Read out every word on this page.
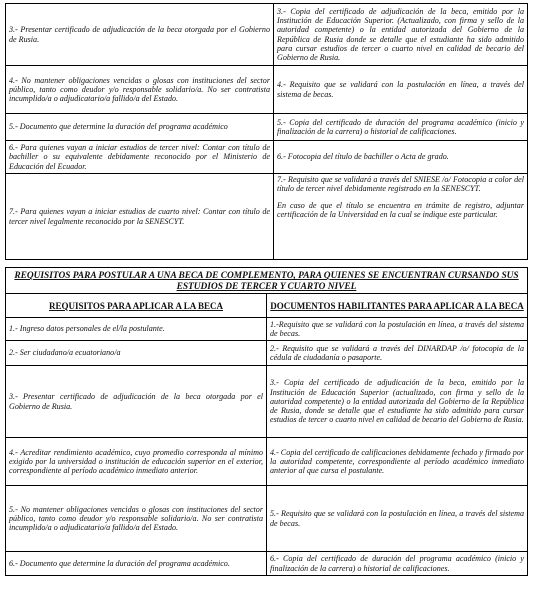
3.- Presentar certificado de adjudicación de la beca otorgada por el Gobierno de Rusia.	3.- Copia del certificado de adjudicación de la beca, emitido por la Institución de Educación Superior. (Actualizado, con firma y sello de la autoridad competente) o la entidad autorizada del Gobierno de la República de Rusia donde se detalle que el estudiante ha sido admitido para cursar estudios de tercer o cuarto nivel en calidad de becario del Gobierno de Rusia.
4.- No mantener obligaciones vencidas o glosas con instituciones del sector público, tanto como deudor y/o responsable solidario/a. No ser contratista incumplido/a o adjudicatario/a fallido/a del Estado.	4.- Requisito que se validará con la postulación en línea, a través del sistema de becas.
5.- Documento que determine la duración del programa académico	5.- Copia del certificado de duración del programa académico (inicio y finalización de la carrera) o historial de calificaciones.
6.- Para quienes vayan a iniciar estudios de tercer nivel: Contar con título de bachiller o su equivalente debidamente reconocido por el Ministerio de Educación del Ecuador.	6.- Fotocopia del título de bachiller o Acta de grado.
7.- Para quienes vayan a iniciar estudios de cuarto nivel: Contar con título de tercer nivel legalmente reconocido por la SENESCYT.	7.- Requisito que se validará a través del SNIESE /o/ Fotocopia a color del título de tercer nivel debidamente registrado en la SENESCYT.

En caso de que el título se encuentra en trámite de registro, adjuntar certificación de la Universidad en la cual se indique este particular.

REQUISITOS PARA POSTULAR A UNA BECA DE COMPLEMENTO, PARA QUIENES SE ENCUENTRAN CURSANDO SUS ESTUDIOS DE TERCER Y CUARTO NIVEL	
REQUISITOS PARA APLICAR A LA BECA	DOCUMENTOS HABILITANTES PARA APLICAR A LA BECA
1.- Ingreso datos personales de el/la postulante.	1.-Requisito que se validará con la postulación en línea, a través del sistema de becas.
2.- Ser ciudadano/a ecuatoriano/a	2.- Requisito que se validará a través del DINARDAP /o/ fotocopia de la cédula de ciudadanía o pasaporte.
3.- Presentar certificado de adjudicación de la beca otorgada por el Gobierno de Rusia.	3.- Copia del certificado de adjudicación de la beca, emitido por la Institución de Educación Superior (actualizado, con firma y sello de la autoridad competente) o la entidad autorizada del Gobierno de la República de Rusia, donde se detalle que el estudiante ha sido admitido para cursar estudios de tercer o cuarto nivel en calidad de becario del Gobierno de Rusia.
4.- Acreditar rendimiento académico, cuyo promedio corresponda al mínimo exigido por la universidad o institución de educación superior en el exterior, correspondiente al período académico inmediato anterior.	4.- Copia del certificado de calificaciones debidamente fechado y firmado por la autoridad competente, correspondiente al período académico inmediato anterior al que cursa el postulante.
5.- No mantener obligaciones vencidas o glosas con instituciones del sector público, tanto como deudor y/o responsable solidario/a. No ser contratista incumplido/a o adjudicatario/a fallido/a del Estado.	5.- Requisito que se validará con la postulación en línea, a través del sistema de becas.
6.- Documento que determine la duración del programa académico.	6.- Copia del certificado de duración del programa académico (inicio y finalización de la carrera) o historial de calificaciones.
